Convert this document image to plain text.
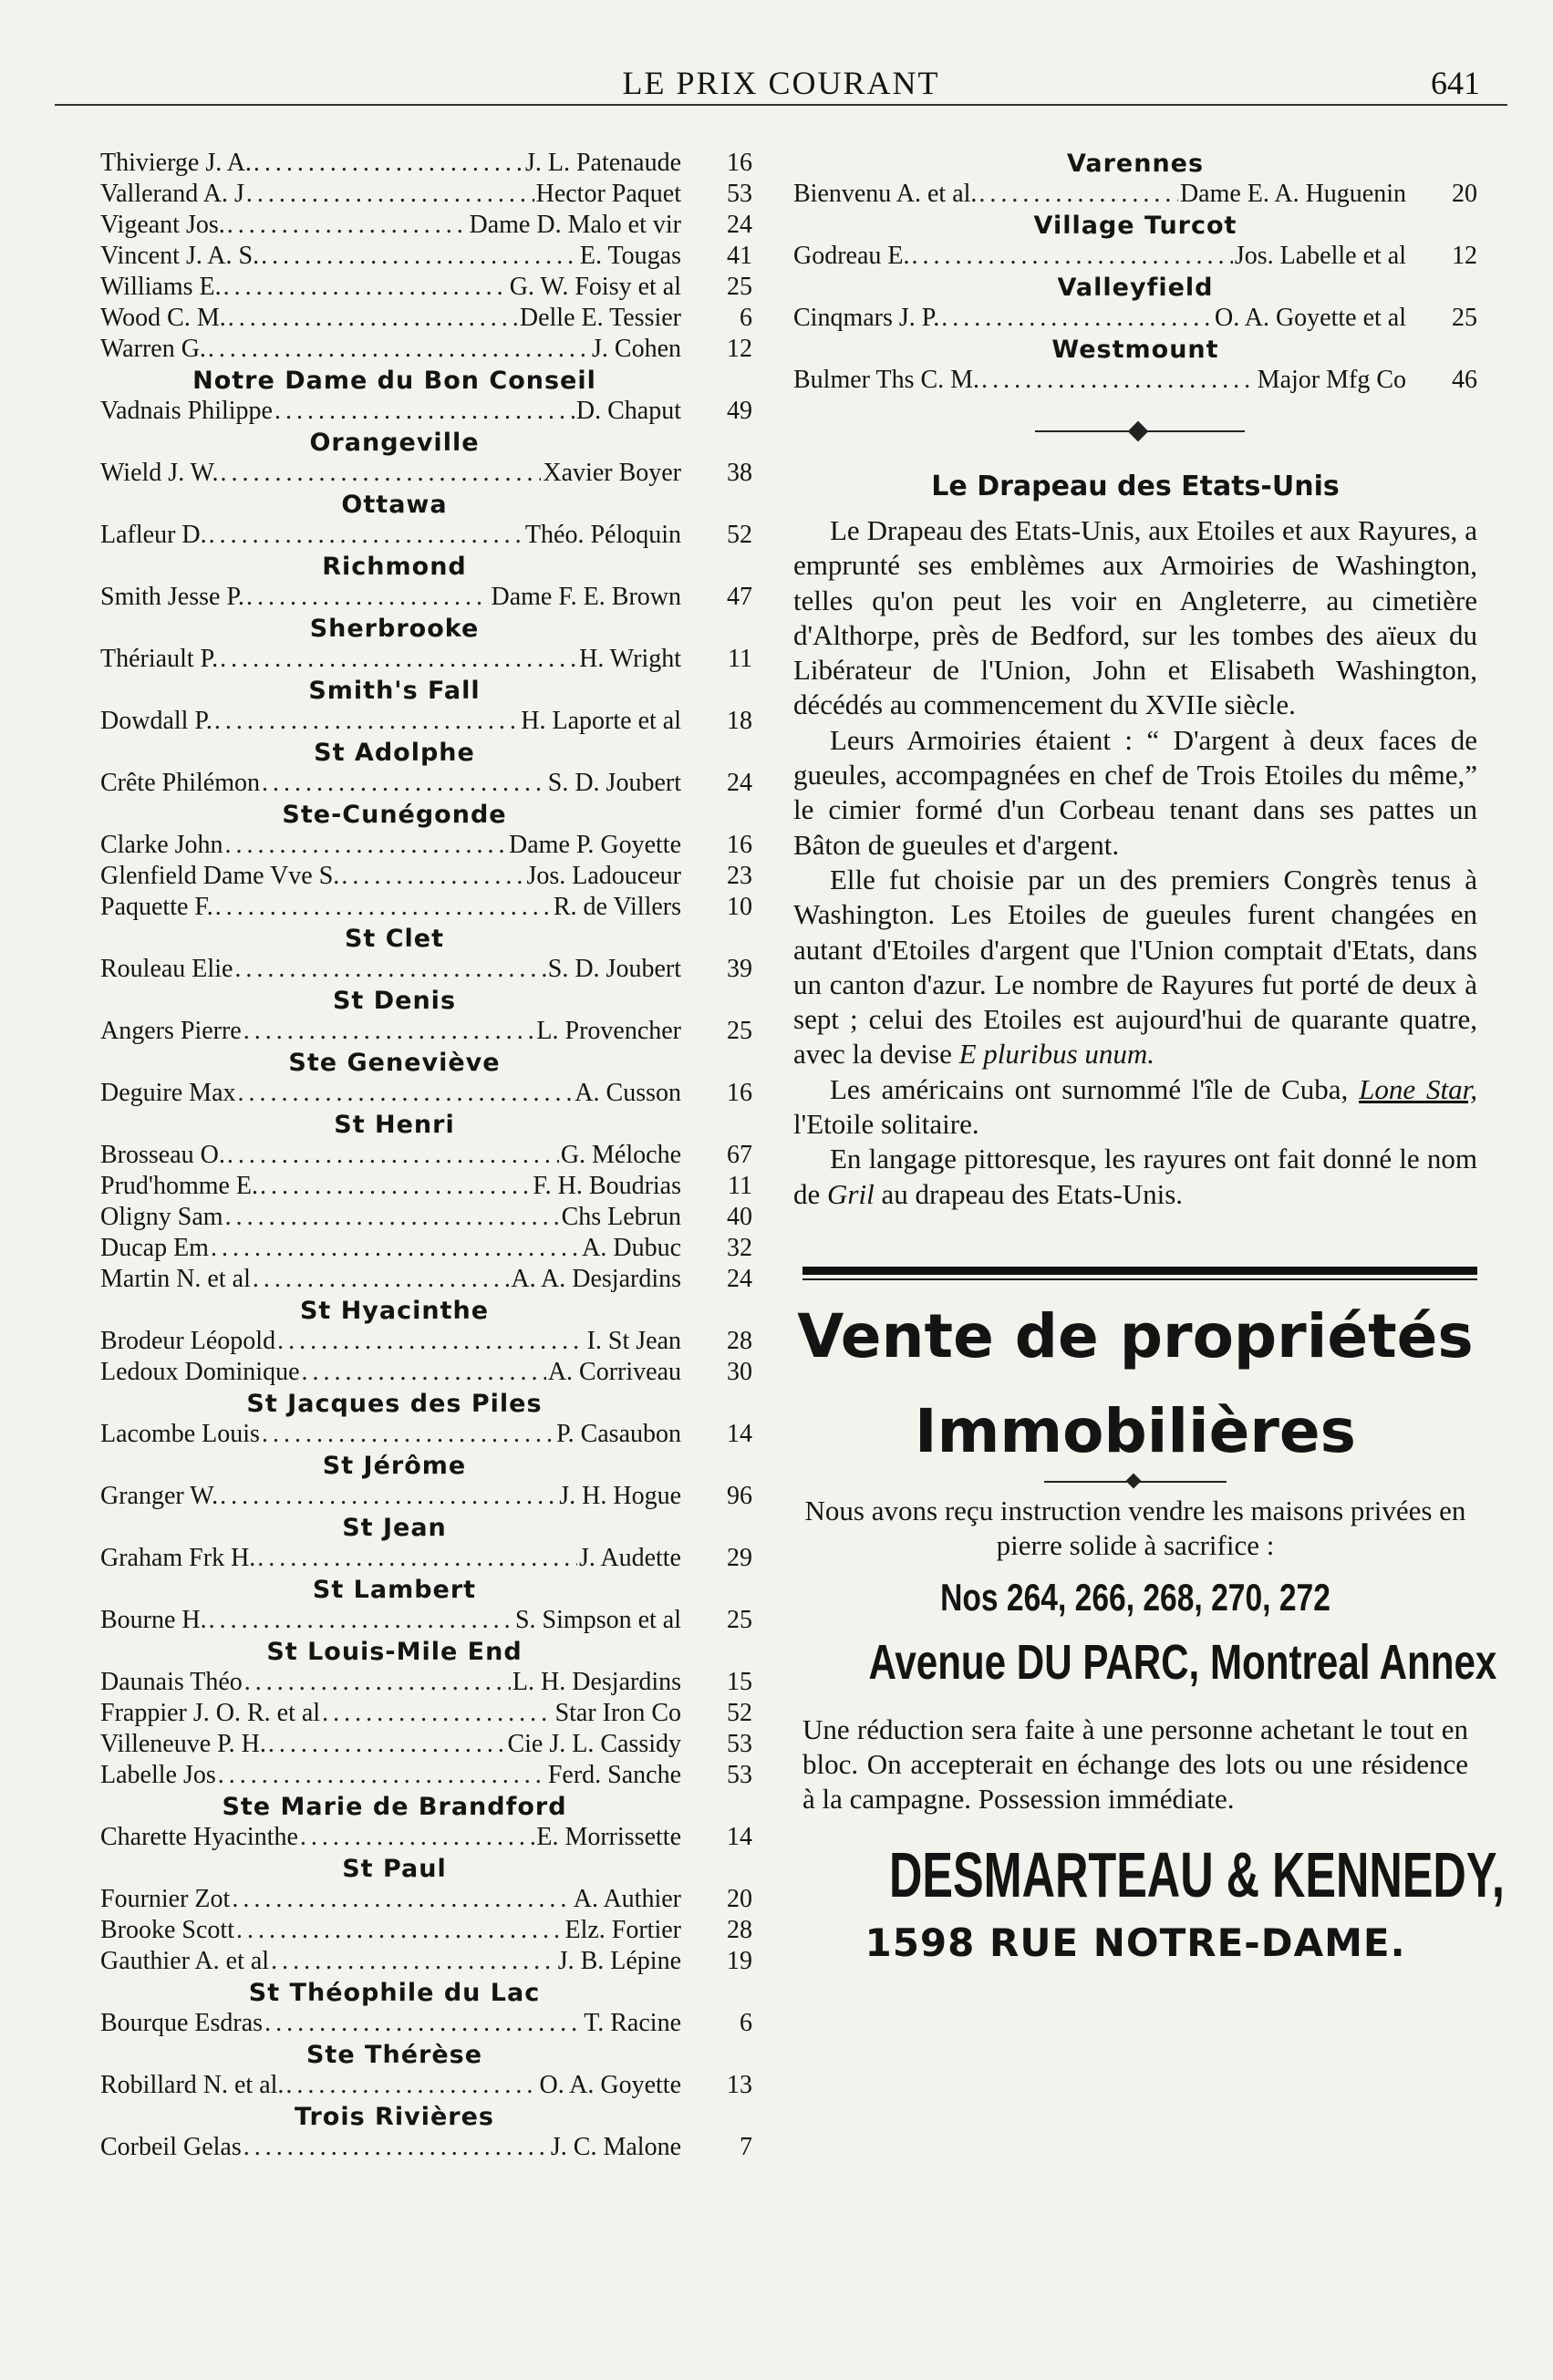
LE PRIX COURANT	641
Thivierge J. A. .....	J. L. Patenaude	16
Vallerand A. J .....	Hector Paquet	53
Vigeant Jos. .....	Dame D. Malo et vir	24
Vincent J. A. S. .....	E. Tougas	41
Williams E. .....	G. W. Foisy et al	25
Wood C. M. .....	Delle E. Tessier	6
Warren G. .....	J. Cohen	12
Notre Dame du Bon Conseil
Vadnais Philippe .....	D. Chaput	49
Orangeville
Wield J. W. .....	Xavier Boyer	38
Ottawa
Lafleur D. .....	Théo. Péloquin	52
Richmond
Smith Jesse P. .....	Dame F. E. Brown	47
Sherbrooke
Thériault P. .....	H. Wright	11
Smith's Fall
Dowdall P. .....	H. Laporte et al	18
St Adolphe
Crête Philémon .....	S. D. Joubert	24
Ste-Cunégonde
Clarke John .....	Dame P. Goyette	16
Glenfield Dame Vve S. .....	Jos. Ladouceur	23
Paquette F. .....	R. de Villers	10
St Clet
Rouleau Elie .....	S. D. Joubert	39
St Denis
Angers Pierre .....	L. Provencher	25
Ste Geneviève
Deguire Max .....	A. Cusson	16
St Henri
Brosseau O. .....	G. Méloche	67
Prud'homme E. .....	F. H. Boudrias	11
Oligny Sam .....	Chs Lebrun	40
Ducap Em .....	A. Dubuc	32
Martin N. et al .....	A. A. Desjardins	24
St Hyacinthe
Brodeur Léopold .....	I. St Jean	28
Ledoux Dominique .....	A. Corriveau	30
St Jacques des Piles
Lacombe Louis .....	P. Casaubon	14
St Jérôme
Granger W. .....	J. H. Hogue	96
St Jean
Graham Frk H. .....	J. Audette	29
St Lambert
Bourne H. .....	S. Simpson et al	25
St Louis-Mile End
Daunais Théo .....	L. H. Desjardins	15
Frappier J. O. R. et al .....	Star Iron Co	52
Villeneuve P. H. .....	Cie J. L. Cassidy	53
Labelle Jos .....	Ferd. Sanche	53
Ste Marie de Brandford
Charette Hyacinthe .....	E. Morrissette	14
St Paul
Fournier Zot .....	A. Authier	20
Brooke Scott .....	Elz. Fortier	28
Gauthier A. et al .....	J. B. Lépine	19
St Théophile du Lac
Bourque Esdras .....	T. Racine	6
Ste Thérèse
Robillard N. et al. .....	O. A. Goyette	13
Trois Rivières
Corbeil Gelas .....	J. C. Malone	7
Varennes
Bienvenu A. et al. .....	Dame E. A. Huguenin	20
Village Turcot
Godreau E. .....	Jos. Labelle et al	12
Valleyfield
Cinqmars J. P. .....	O. A. Goyette et al	25
Westmount
Bulmer Ths C. M. .....	Major Mfg Co	46
Le Drapeau des Etats-Unis

Le Drapeau des Etats-Unis, aux Etoiles et aux Rayures, a emprunté ses emblèmes aux Armoiries de Washington, telles qu'on peut les voir en Angleterre, au cimetière d'Althorpe, près de Bedford, sur les tombes des aïeux du Libérateur de l'Union, John et Elisabeth Washington, décédés au commencement du XVIIe siècle.

Leurs Armoiries étaient : “ D'argent à deux faces de gueules, accompagnées en chef de Trois Etoiles du même,” le cimier formé d'un Corbeau tenant dans ses pattes un Bâton de gueules et d'argent.

Elle fut choisie par un des premiers Congrès tenus à Washington. Les Etoiles de gueules furent changées en autant d'Etoiles d'argent que l'Union comptait d'Etats, dans un canton d'azur. Le nombre de Rayures fut porté de deux à sept ; celui des Etoiles est aujourd'hui de quarante quatre, avec la devise E pluribus unum.

Les américains ont surnommé l'île de Cuba, Lone Star, l'Etoile solitaire.

En langage pittoresque, les rayures ont fait donné le nom de Gril au drapeau des Etats-Unis.

Vente de propriétés
Immobilières

Nous avons reçu instruction vendre les maisons privées en pierre solide à sacrifice :

Nos 264, 266, 268, 270, 272
Avenue DU PARC, Montreal Annex

Une réduction sera faite à une personne achetant le tout en bloc. On accepterait en échange des lots ou une résidence à la campagne. Possession immédiate.

DESMARTEAU & KENNEDY,
1598 RUE NOTRE-DAME.
